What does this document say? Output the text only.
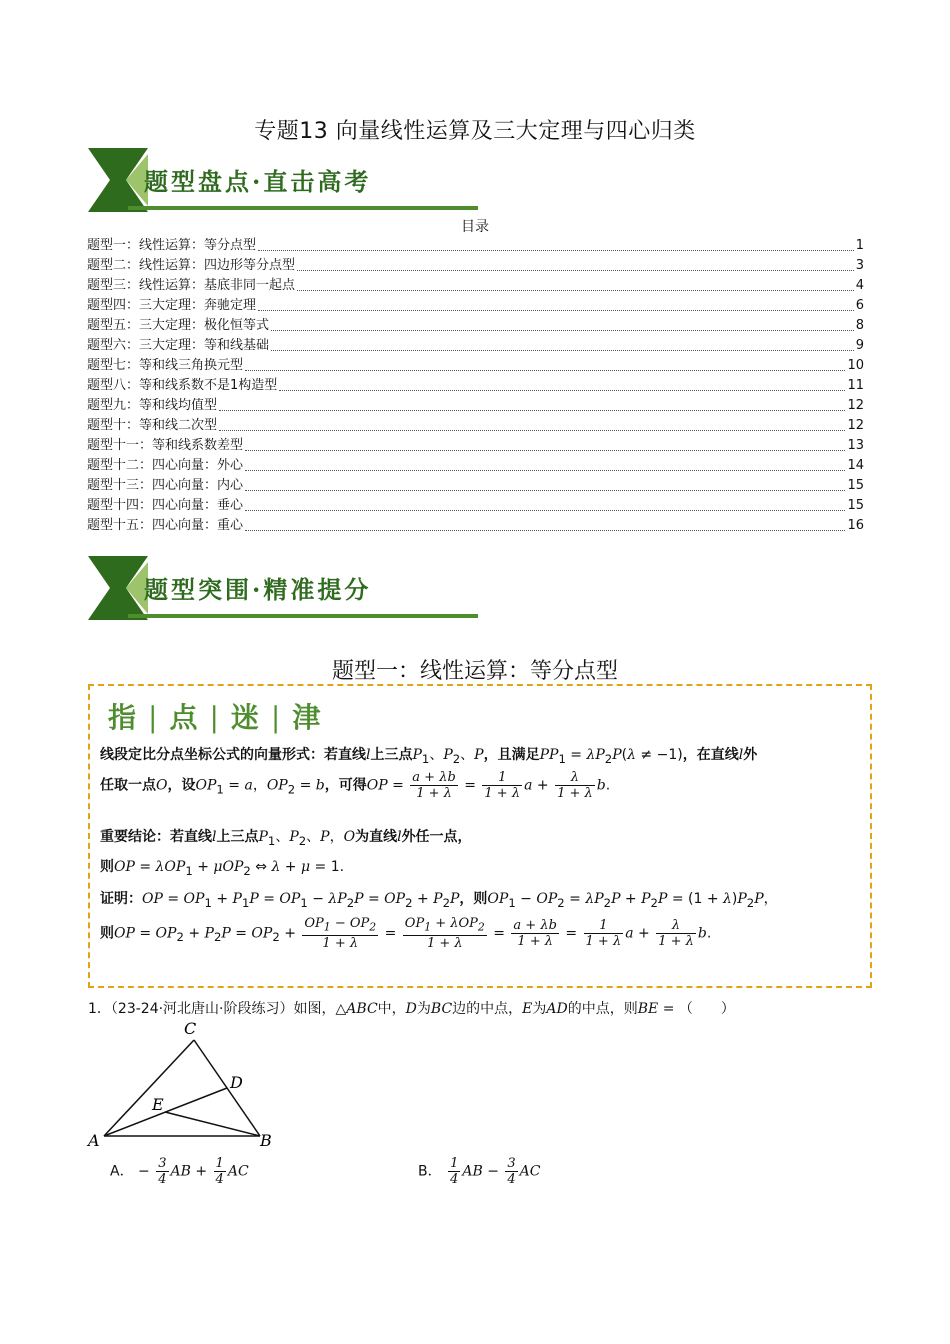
专题13 向量线性运算及三大定理与四心归类
题型盘点·直击高考
目录
题型一：线性运算：等分点型	1
题型二：线性运算：四边形等分点型	3
题型三：线性运算：基底非同一起点	4
题型四：三大定理：奔驰定理	6
题型五：三大定理：极化恒等式	8
题型六：三大定理：等和线基础	9
题型七：等和线三角换元型	10
题型八：等和线系数不是1构造型	11
题型九：等和线均值型	12
题型十：等和线二次型	12
题型十一：等和线系数差型	13
题型十二：四心向量：外心	14
题型十三：四心向量：内心	15
题型十四：四心向量：垂心	15
题型十五：四心向量：重心	16
题型突围·精准提分
题型一：线性运算：等分点型
指 | 点 | 迷 | 津
线段定比分点坐标公式的向量形式：若直线l上三点$P_1$、$P_2$、P，且满足$PP_1 = \lambda P_2P(\lambda \ne -1)$，在直线l外
任取一点O，设$OP_1 = a$，$OP_2 = b$，可得OP = $\frac{a + \lambda b}{1 + \lambda} = \frac{1}{1 + \lambda}$ $a + \frac{\lambda}{1 + \lambda} b$.
重要结论：若直线l上三点$P_1$、$P_2$、P，O为直线l外任一点，
则OP = λOP$_1$ + μOP$_2$ ⇔ λ + μ = 1.
证明：OP = $OP_1 + P_1P = OP_1 - \lambda P_2P = OP_2 + P_2P$，则$OP_1 - OP_2 = \lambda P_2P + P_2P = (1 + \lambda)P_2P$，
则OP = $OP_2 + P_2P = OP_2 + \frac{OP_1 - OP_2}{1 + \lambda} = \frac{OP_1 + \lambda OP_2}{1 + \lambda} = \frac{a + \lambda b}{1 + \lambda} = \frac{1}{1 + \lambda}$ $a + \frac{\lambda}{1 + \lambda} b$.
1．（23-24·河北唐山·阶段练习）如图，△ABC中，D为BC边的中点，E为AD的中点，则BE = （　　）
C
D
E
A	B
A． − $\frac{3}{4}$ AB + $\frac{1}{4}$ AC	B． $\frac{1}{4}$ AB − $\frac{3}{4}$ AC
